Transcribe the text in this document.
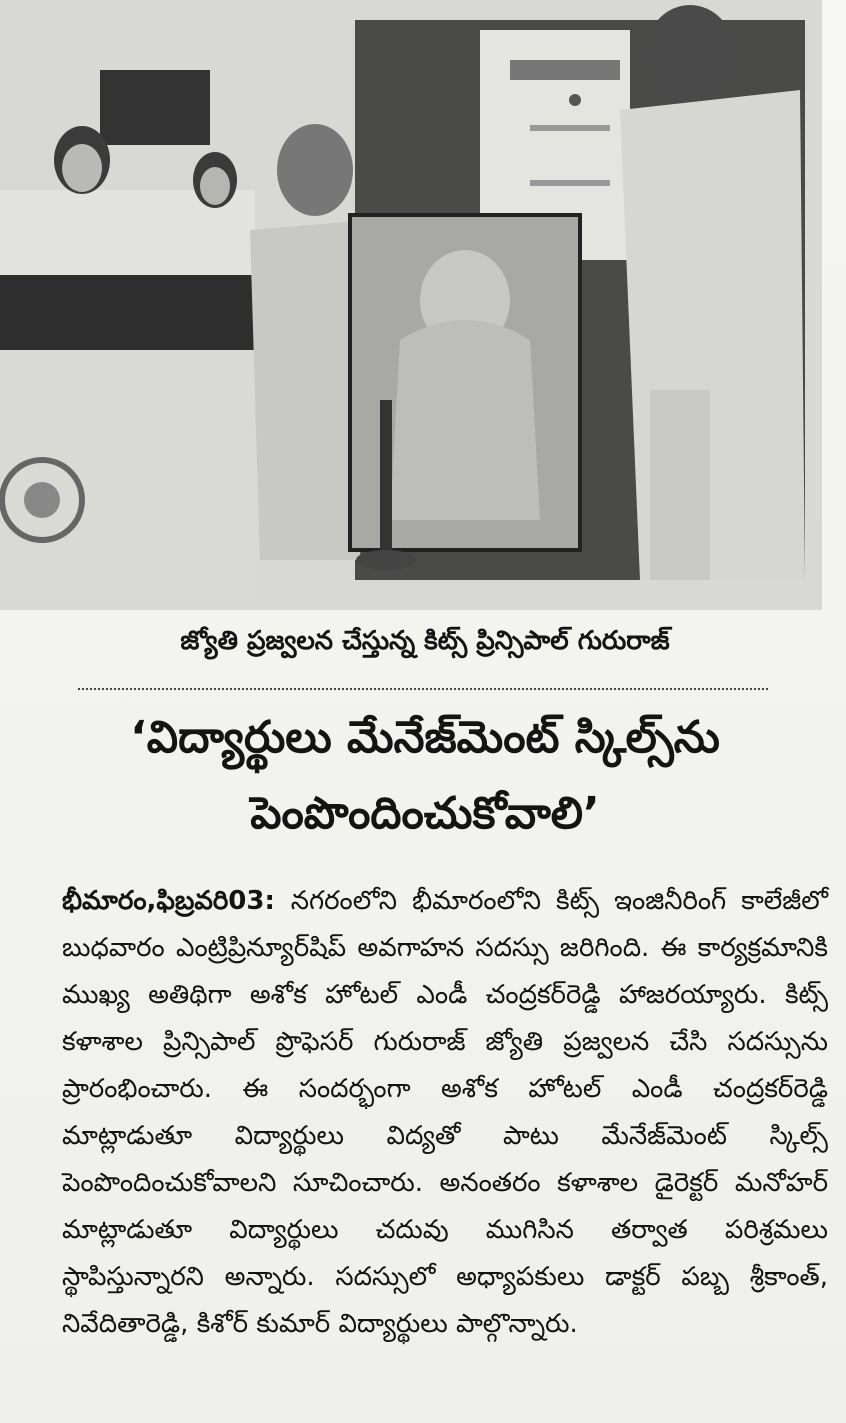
జ్యోతి ప్రజ్వలన చేస్తున్న కిట్స్ ప్రిన్సిపాల్ గురురాజ్
‘విద్యార్థులు మేనేజ్‌మెంట్ స్కిల్స్‌ను
పెంపొందించుకోవాలి’
భీమారం,ఫిబ్రవరి03: నగరంలోని భీమారంలోని కిట్స్ ఇంజినీరింగ్ కాలేజీలో బుధవారం ఎంట్రిప్రిన్యూర్‌షిప్ అవగాహన సదస్సు జరిగింది. ఈ కార్యక్రమానికి ముఖ్య అతిథిగా అశోక హోటల్ ఎండీ చంద్రకర్‌రెడ్డి హాజరయ్యారు. కిట్స్ కళాశాల ప్రిన్సిపాల్ ప్రొఫెసర్ గురురాజ్ జ్యోతి ప్రజ్వలన చేసి సదస్సును ప్రారంభించారు. ఈ సందర్భంగా అశోక హోటల్ ఎండీ చంద్రకర్‌రెడ్డి మాట్లాడుతూ విద్యార్థులు విద్యతో పాటు మేనేజ్‌మెంట్ స్కిల్స్ పెంపొందించుకోవాలని సూచించారు. అనంతరం కళాశాల డైరెక్టర్ మనోహర్ మాట్లాడుతూ విద్యార్థులు చదువు ముగిసిన తర్వాత పరిశ్రమలు స్థాపిస్తున్నారని అన్నారు. సదస్సులో అధ్యాపకులు డాక్టర్ పబ్బ శ్రీకాంత్, నివేదితారెడ్డి, కిశోర్ కుమార్ విద్యార్థులు పాల్గొన్నారు.
